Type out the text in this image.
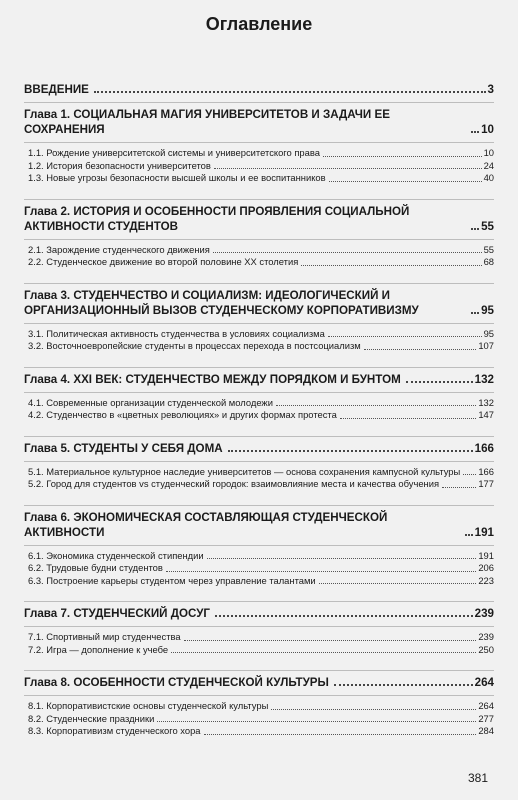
Оглавление
ВВЕДЕНИЕ	3
Глава 1. СОЦИАЛЬНАЯ МАГИЯ УНИВЕРСИТЕТОВ И ЗАДАЧИ ЕЕ СОХРАНЕНИЯ	10
1.1. Рождение университетской системы и университетского права	10
1.2. История безопасности университетов	24
1.3. Новые угрозы безопасности высшей школы и ее воспитанников	40
Глава 2. ИСТОРИЯ И ОСОБЕННОСТИ ПРОЯВЛЕНИЯ СОЦИАЛЬНОЙ АКТИВНОСТИ СТУДЕНТОВ	55
2.1. Зарождение студенческого движения	55
2.2. Студенческое движение во второй половине XX столетия	68
Глава 3. СТУДЕНЧЕСТВО И СОЦИАЛИЗМ: ИДЕОЛОГИЧЕСКИЙ И ОРГАНИЗАЦИОННЫЙ ВЫЗОВ СТУДЕНЧЕСКОМУ КОРПОРАТИВИЗМУ	95
3.1. Политическая активность студенчества в условиях социализма	95
3.2. Восточноевропейские студенты в процессах перехода в постсоциализм	107
Глава 4. XXI ВЕК: СТУДЕНЧЕСТВО МЕЖДУ ПОРЯДКОМ И БУНТОМ	132
4.1. Современные организации студенческой молодежи	132
4.2. Студенчество в «цветных революциях» и других формах протеста	147
Глава 5. СТУДЕНТЫ У СЕБЯ ДОМА	166
5.1. Материальное культурное наследие университетов — основа сохранения кампусной культуры 166
5.2. Город для студентов vs студенческий городок: взаимовлияние места и качества обучения	177
Глава 6. ЭКОНОМИЧЕСКАЯ СОСТАВЛЯЮЩАЯ СТУДЕНЧЕСКОЙ АКТИВНОСТИ	191
6.1. Экономика студенческой стипендии	191
6.2. Трудовые будни студентов	206
6.3. Построение карьеры студентом через управление талантами	223
Глава 7. СТУДЕНЧЕСКИЙ ДОСУГ	239
7.1. Спортивный мир студенчества	239
7.2. Игра — дополнение к учебе	250
Глава 8. ОСОБЕННОСТИ СТУДЕНЧЕСКОЙ КУЛЬТУРЫ	264
8.1. Корпоративистские основы студенческой культуры	264
8.2. Студенческие праздники	277
8.3. Корпоративизм студенческого хора	284
381
